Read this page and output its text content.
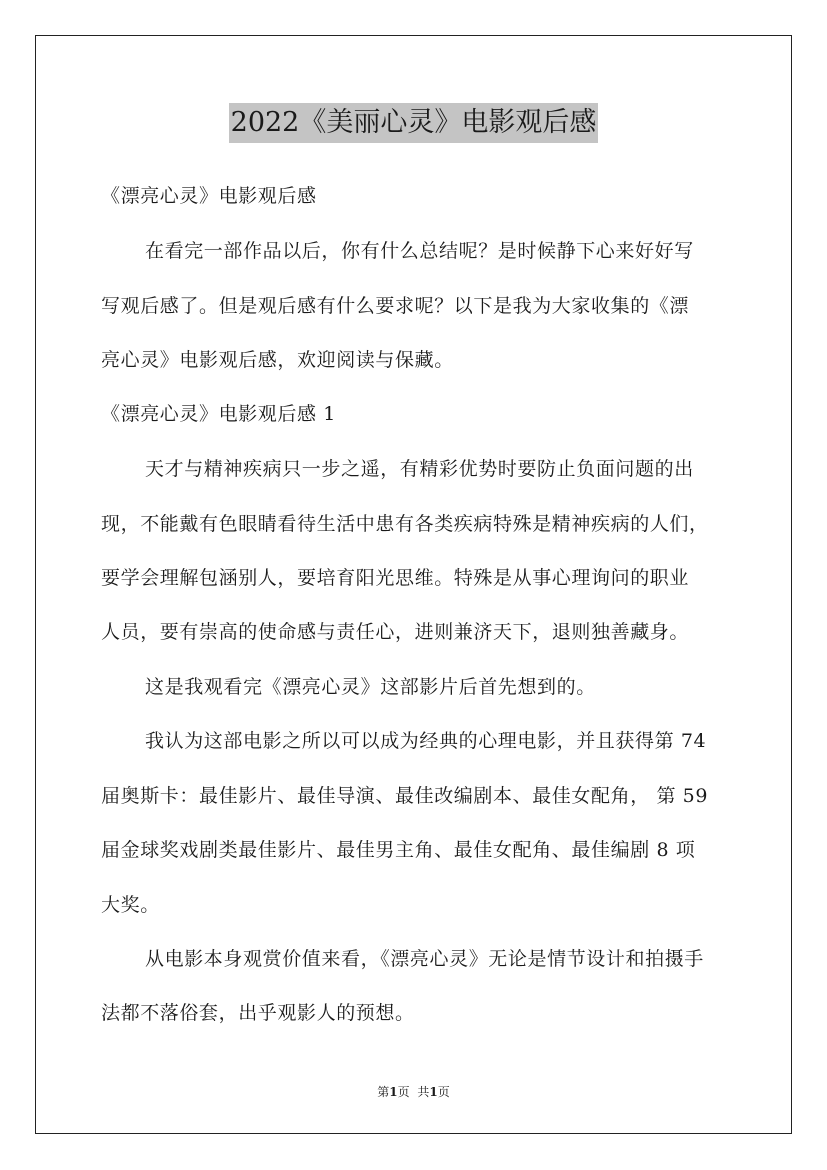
2022《美丽心灵》电影观后感
《漂亮心灵》电影观后感
在看完一部作品以后，你有什么总结呢？是时候静下心来好好写
写观后感了。但是观后感有什么要求呢？以下是我为大家收集的《漂
亮心灵》电影观后感，欢迎阅读与保藏。
《漂亮心灵》电影观后感 1
天才与精神疾病只一步之遥，有精彩优势时要防止负面问题的出
现，不能戴有色眼睛看待生活中患有各类疾病特殊是精神疾病的人们，
要学会理解包涵别人，要培育阳光思维。特殊是从事心理询问的职业
人员，要有崇高的使命感与责任心，进则兼济天下，退则独善藏身。
这是我观看完《漂亮心灵》这部影片后首先想到的。
我认为这部电影之所以可以成为经典的心理电影，并且获得第 74
届奥斯卡：最佳影片、最佳导演、最佳改编剧本、最佳女配角， 第 59
届金球奖戏剧类最佳影片、最佳男主角、最佳女配角、最佳编剧 8 项
大奖。
从电影本身观赏价值来看，《漂亮心灵》无论是情节设计和拍摄手
法都不落俗套，出乎观影人的预想。
第1页 共1页
